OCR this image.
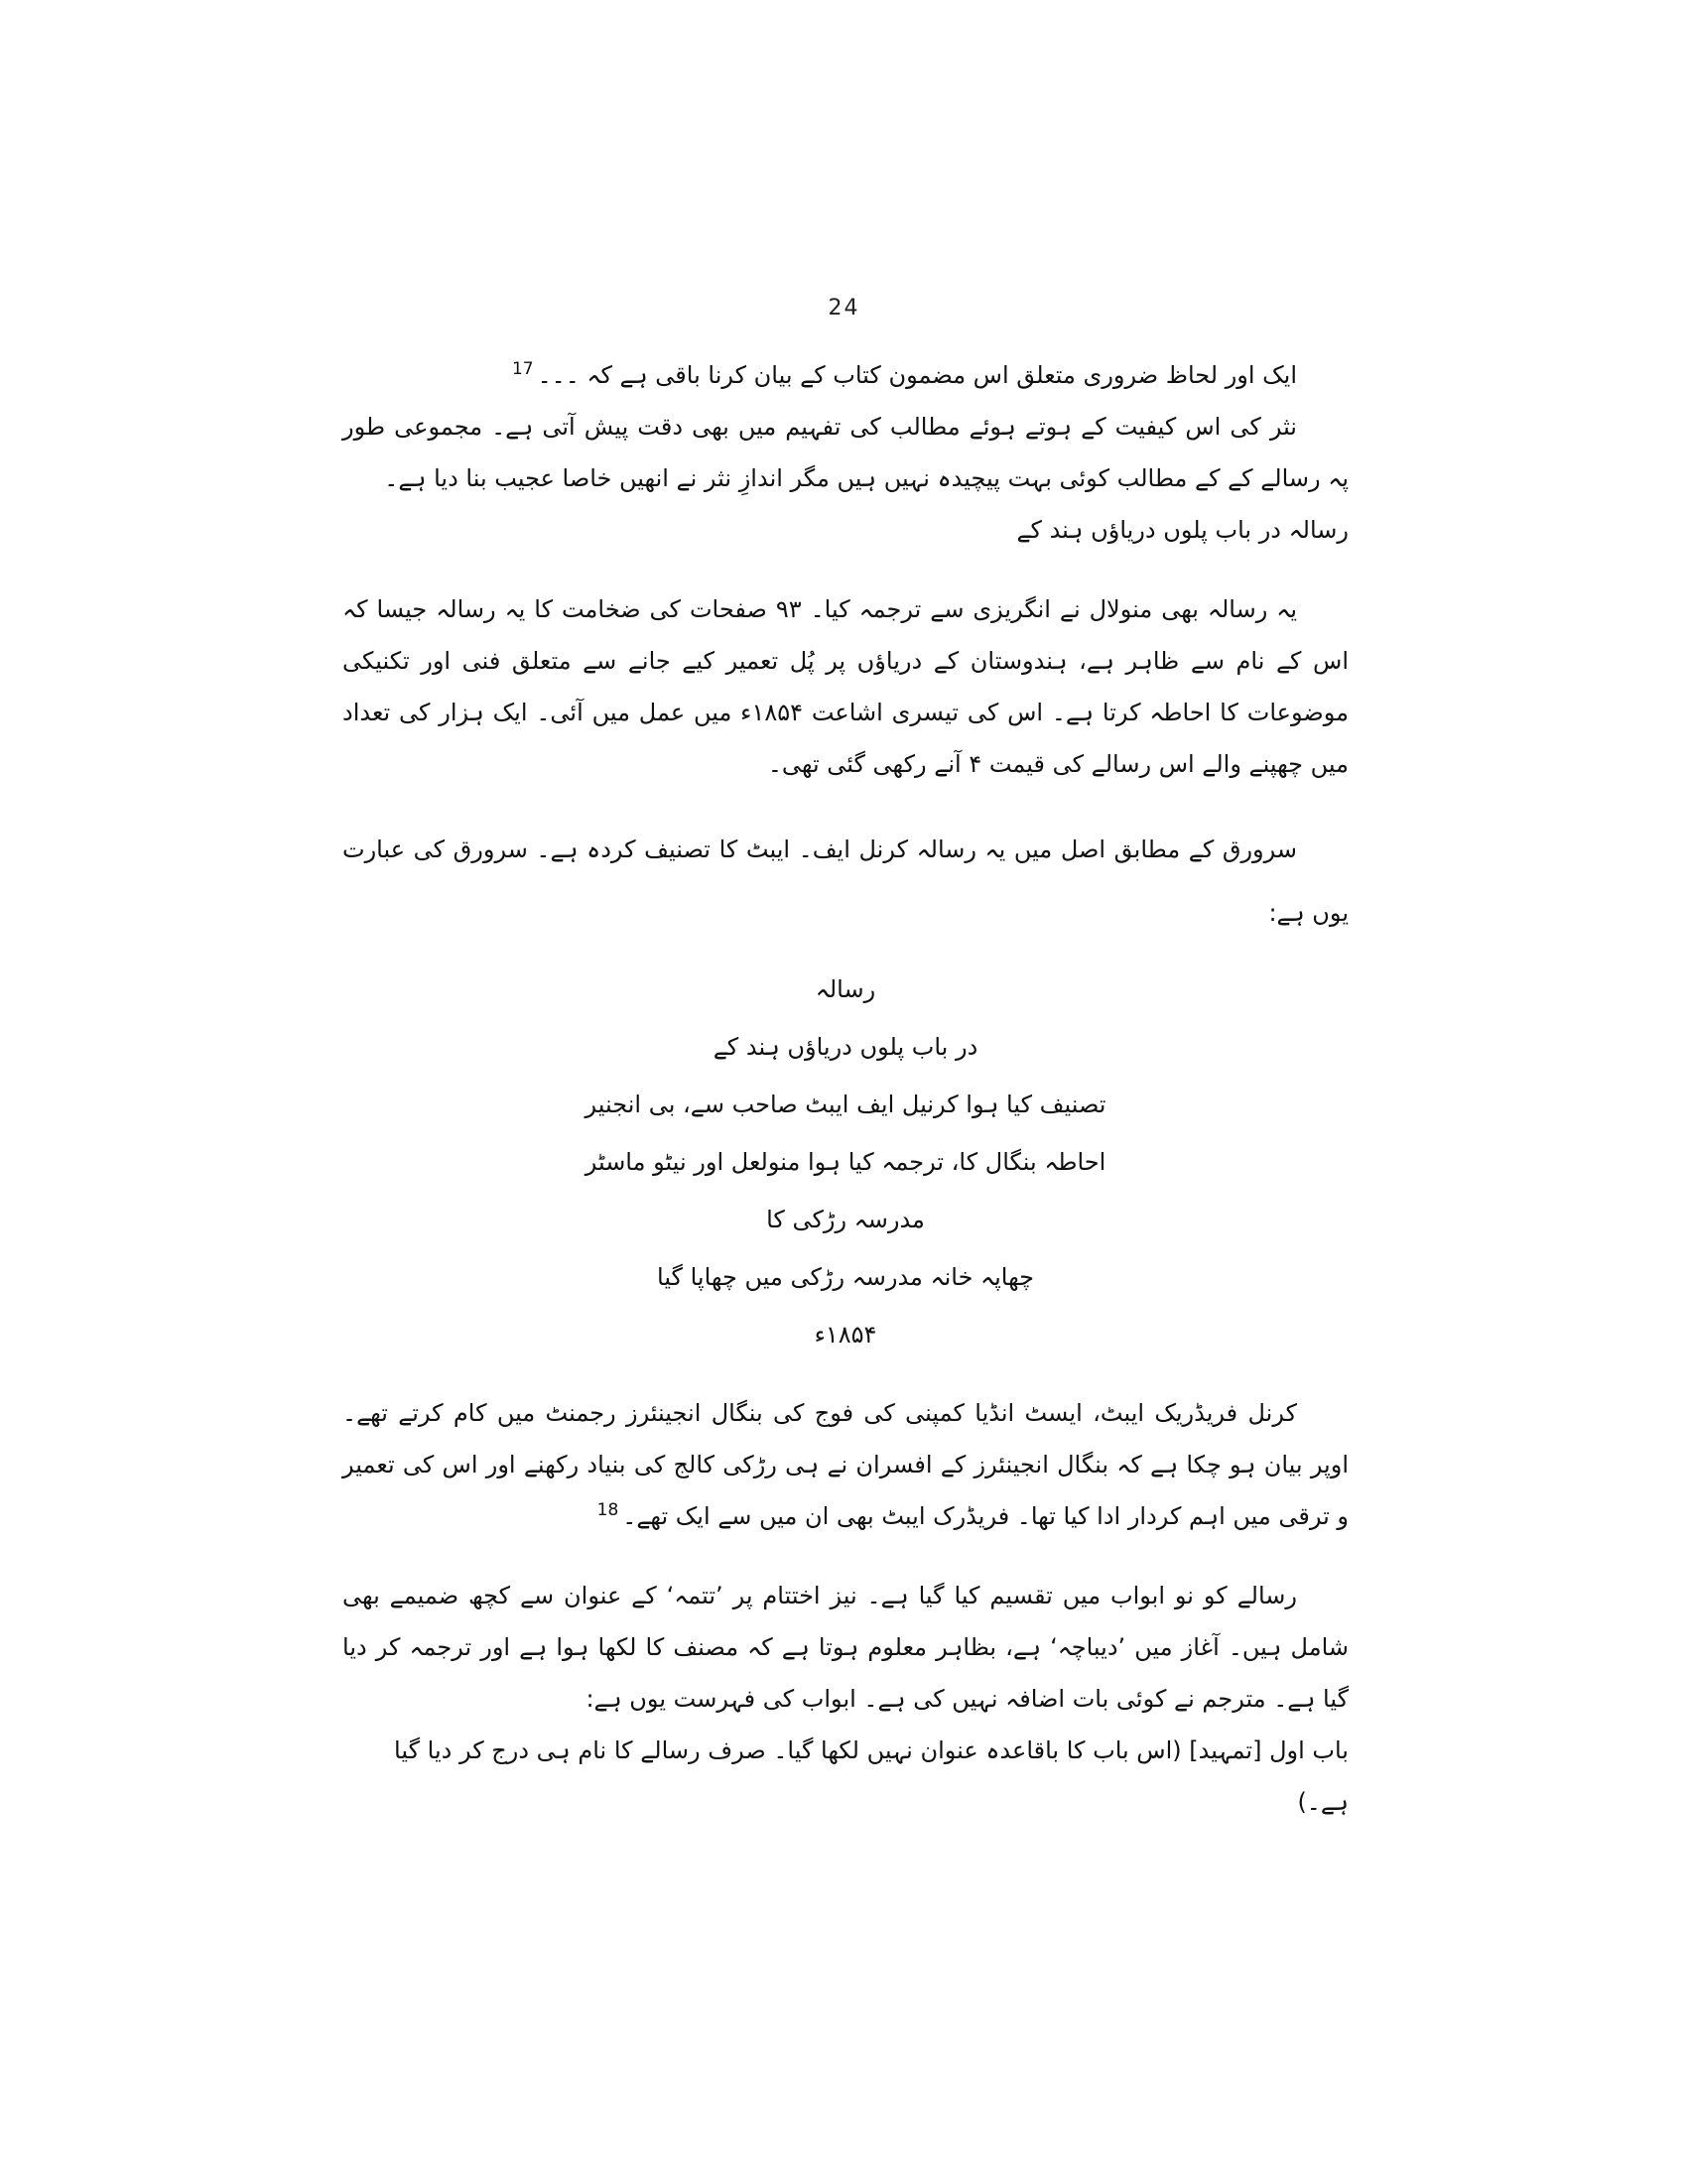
24

ایک اور لحاظ ضروری متعلق اس مضمون کتاب کے بیان کرنا باقی ہے کہ ۔۔۔$^{17}$

نثر کی اس کیفیت کے ہوتے ہوئے مطالب کی تفہیم میں بھی دقت پیش آتی ہے۔ مجموعی طور پہ رسالے کے کے مطالب کوئی بہت پیچیدہ نہیں ہیں مگر اندازِ نثر نے انھیں خاصا عجیب بنا دیا ہے۔

رسالہ در باب پلوں دریاؤں ہند کے

یہ رسالہ بھی منولال نے انگریزی سے ترجمہ کیا۔ ۹۳ صفحات کی ضخامت کا یہ رسالہ جیسا کہ اس کے نام سے ظاہر ہے، ہندوستان کے دریاؤں پر پُل تعمیر کیے جانے سے متعلق فنی اور تکنیکی موضوعات کا احاطہ کرتا ہے۔ اس کی تیسری اشاعت ۱۸۵۴ء میں عمل میں آئی۔ ایک ہزار کی تعداد میں چھپنے والے اس رسالے کی قیمت ۴ آنے رکھی گئی تھی۔

سرورق کے مطابق اصل میں یہ رسالہ کرنل ایف۔ ایبٹ کا تصنیف کردہ ہے۔ سرورق کی عبارت یوں ہے:

رسالہ
در باب پلوں دریاؤں ہند کے
تصنیف کیا ہوا کرنیل ایف ایبٹ صاحب سے، بی انجنیر
احاطہ بنگال کا، ترجمہ کیا ہوا منولعل اور نیٹو ماسٹر
مدرسہ رڑکی کا
چھاپہ خانہ مدرسہ رڑکی میں چھاپا گیا
۱۸۵۴ء

کرنل فریڈریک ایبٹ، ایسٹ انڈیا کمپنی کی فوج کی بنگال انجینئرز رجمنٹ میں کام کرتے تھے۔ اوپر بیان ہو چکا ہے کہ بنگال انجینئرز کے افسران نے ہی رڑکی کالج کی بنیاد رکھنے اور اس کی تعمیر و ترقی میں اہم کردار ادا کیا تھا۔ فریڈرک ایبٹ بھی ان میں سے ایک تھے۔$^{18}$

رسالے کو نو ابواب میں تقسیم کیا گیا ہے۔ نیز اختتام پر ’تتمہ‘ کے عنوان سے کچھ ضمیمے بھی شامل ہیں۔ آغاز میں ’دیباچہ‘ ہے، بظاہر معلوم ہوتا ہے کہ مصنف کا لکھا ہوا ہے اور ترجمہ کر دیا گیا ہے۔ مترجم نے کوئی بات اضافہ نہیں کی ہے۔ ابواب کی فہرست یوں ہے:

باب اول [تمہید] (اس باب کا باقاعدہ عنوان نہیں لکھا گیا۔ صرف رسالے کا نام ہی درج کر دیا گیا ہے۔)
